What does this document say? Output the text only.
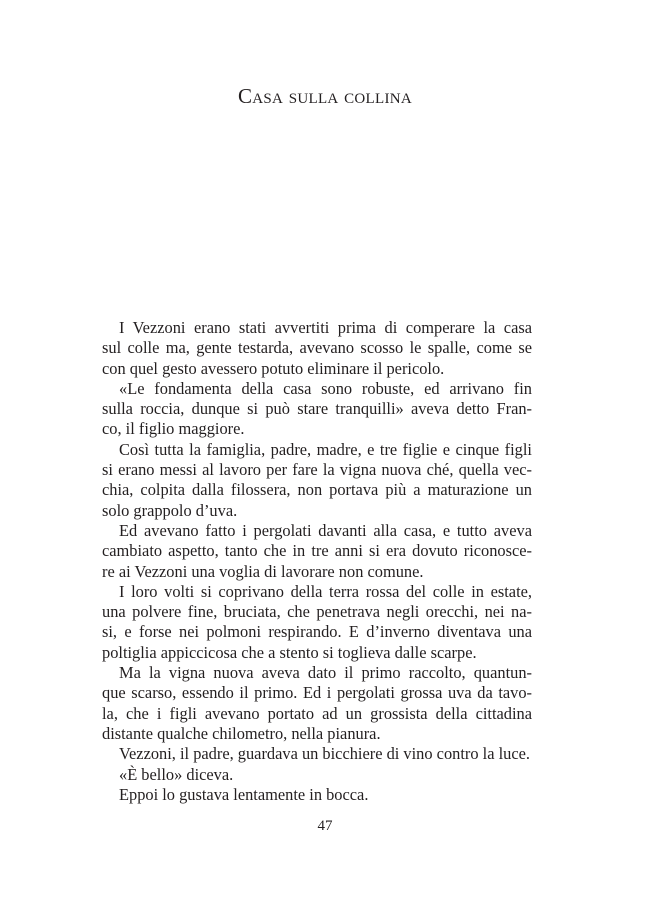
Casa sulla collina
I Vezzoni erano stati avvertiti prima di comperare la casa
sul colle ma, gente testarda, avevano scosso le spalle, come se
con quel gesto avessero potuto eliminare il pericolo.
«Le fondamenta della casa sono robuste, ed arrivano fin
sulla roccia, dunque si può stare tranquilli» aveva detto Fran-
co, il figlio maggiore.
Così tutta la famiglia, padre, madre, e tre figlie e cinque figli
si erano messi al lavoro per fare la vigna nuova ché, quella vec-
chia, colpita dalla filossera, non portava più a maturazione un
solo grappolo d’uva.
Ed avevano fatto i pergolati davanti alla casa, e tutto aveva
cambiato aspetto, tanto che in tre anni si era dovuto riconosce-
re ai Vezzoni una voglia di lavorare non comune.
I loro volti si coprivano della terra rossa del colle in estate,
una polvere fine, bruciata, che penetrava negli orecchi, nei na-
si, e forse nei polmoni respirando. E d’inverno diventava una
poltiglia appiccicosa che a stento si toglieva dalle scarpe.
Ma la vigna nuova aveva dato il primo raccolto, quantun-
que scarso, essendo il primo. Ed i pergolati grossa uva da tavo-
la, che i figli avevano portato ad un grossista della cittadina
distante qualche chilometro, nella pianura.
Vezzoni, il padre, guardava un bicchiere di vino contro la luce.
«È bello» diceva.
Eppoi lo gustava lentamente in bocca.
47
